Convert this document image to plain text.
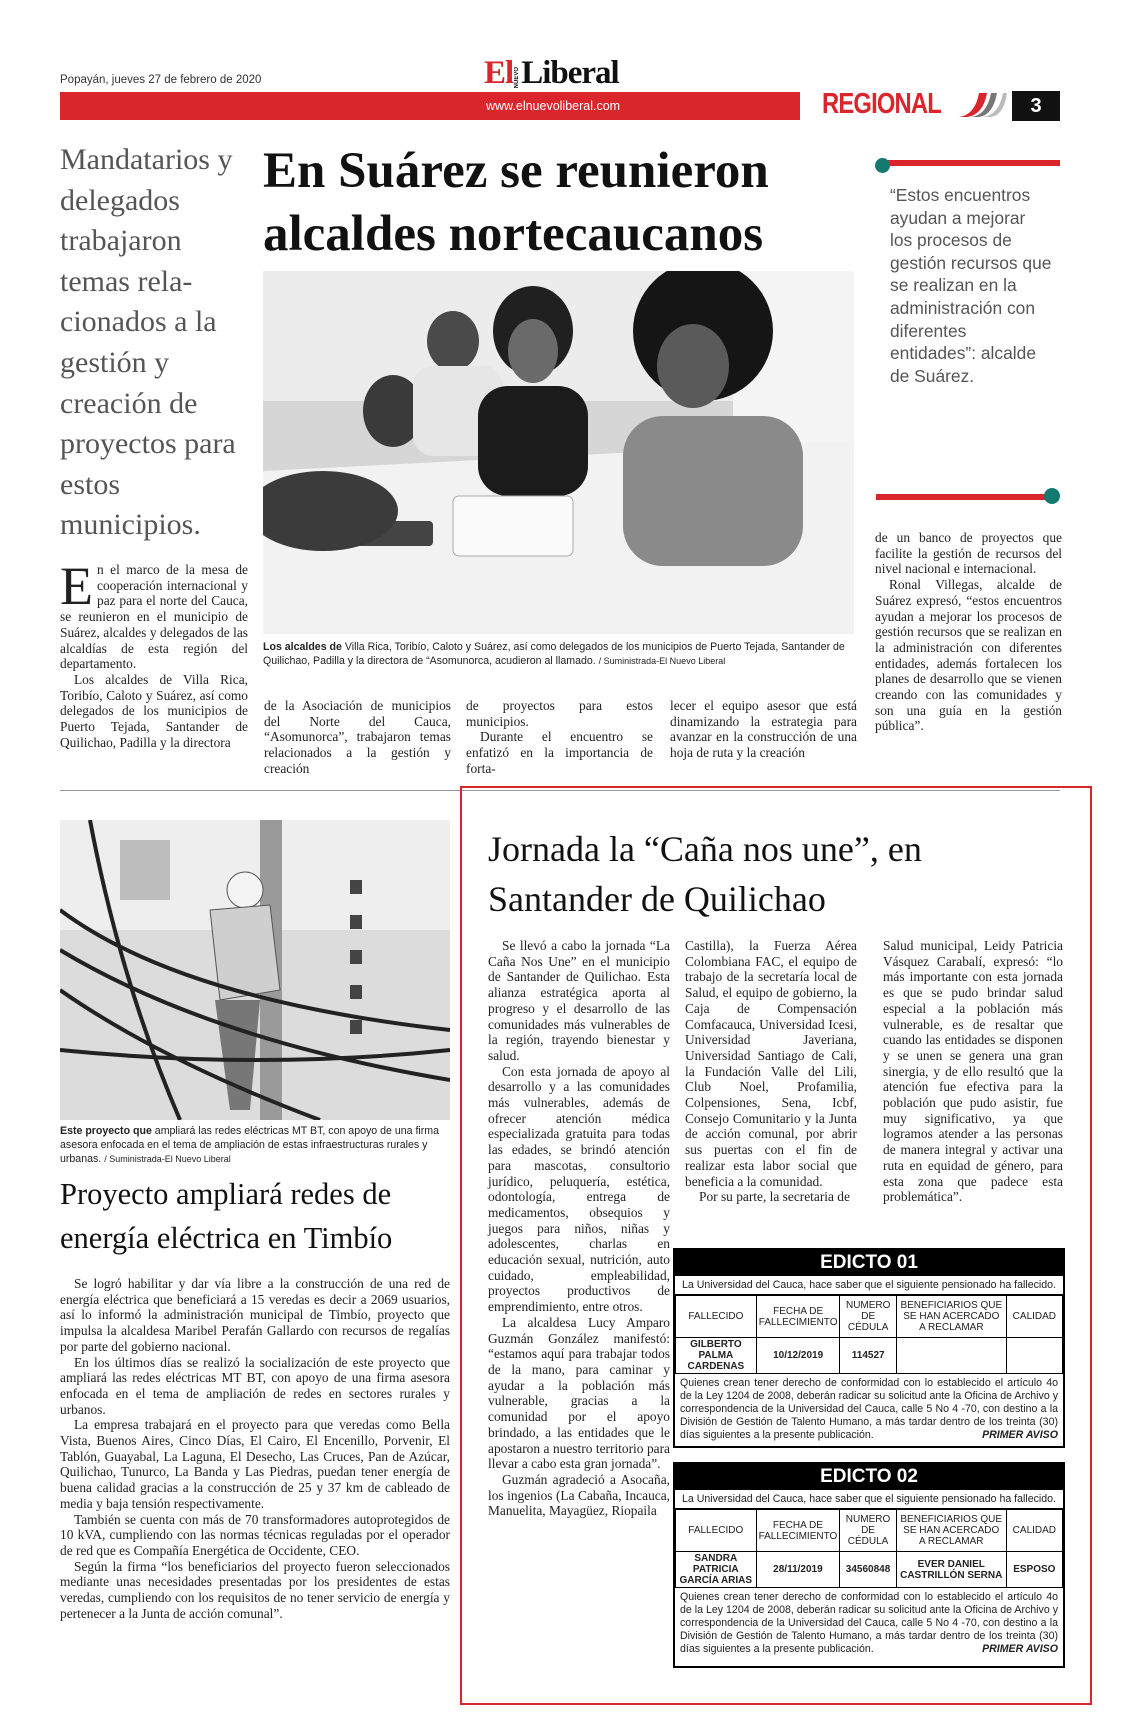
Popayán, jueves 27 de febrero de 2020	El NUEVO Liberal
www.elnuevoliberal.com	REGIONAL	3
Mandatarios y delegados trabajaron temas rela-cionados a la gestión y creación de proyectos para estos municipios.
En Suárez se reunieron alcaldes nortecaucanos
“Estos encuentros ayudan a mejorar los procesos de gestión recursos que se realizan en la administración con diferentes entidades”: alcalde de Suárez.
Los alcaldes de Villa Rica, Toribío, Caloto y Suárez, así como delegados de los municipios de Puerto Tejada, Santander de Quilichao, Padilla y la directora de “Asomunorca, acudieron al llamado. / Suministrada-El Nuevo Liberal

En el marco de la mesa de cooperación internacional y paz para el norte del Cauca, se reunieron en el municipio de Suárez, alcaldes y delegados de las alcaldías de esta región del departamento.

Los alcaldes de Villa Rica, Toribío, Caloto y Suárez, así como delegados de los municipios de Puerto Tejada, Santander de Quilichao, Padilla y la directora

de la Asociación de municipios del Norte del Cauca, “Asomunorca”, trabajaron temas relacionados a la gestión y creación

de proyectos para estos municipios.

Durante el encuentro se enfatizó en la importancia de forta-

lecer el equipo asesor que está dinamizando la estrategia para avanzar en la construcción de una hoja de ruta y la creación

de un banco de proyectos que facilite la gestión de recursos del nivel nacional e internacional.

Ronal Villegas, alcalde de Suárez expresó, “estos encuentros ayudan a mejorar los procesos de gestión recursos que se realizan en la administración con diferentes entidades, además fortalecen los planes de desarrollo que se vienen creando con las comunidades y son una guía en la gestión pública”.

Este proyecto que ampliará las redes eléctricas MT BT, con apoyo de una firma asesora enfocada en el tema de ampliación de estas infraestructuras rurales y urbanas. / Suministrada-El Nuevo Liberal
Proyecto ampliará redes de energía eléctrica en Timbío

Se logró habilitar y dar vía libre a la construcción de una red de energía eléctrica que beneficiará a 15 veredas es decir a 2069 usuarios, así lo informó la administración municipal de Timbío, proyecto que impulsa la alcaldesa Maribel Perafán Gallardo con recursos de regalías por parte del gobierno nacional.

En los últimos días se realizó la socialización de este proyecto que ampliará las redes eléctricas MT BT, con apoyo de una firma asesora enfocada en el tema de ampliación de redes en sectores rurales y urbanos.

La empresa trabajará en el proyecto para que veredas como Bella Vista, Buenos Aires, Cinco Días, El Cairo, El Encenillo, Porvenir, El Tablón, Guayabal, La Laguna, El Desecho, Las Cruces, Pan de Azúcar, Quilichao, Tunurco, La Banda y Las Piedras, puedan tener energía de buena calidad gracias a la construcción de 25 y 37 km de cableado de media y baja tensión respectivamente.

También se cuenta con más de 70 transformadores autoprotegidos de 10 kVA, cumpliendo con las normas técnicas reguladas por el operador de red que es Compañía Energética de Occidente, CEO.

Según la firma “los beneficiarios del proyecto fueron seleccionados mediante unas necesidades presentadas por los presidentes de estas veredas, cumpliendo con los requisitos de no tener servicio de energía y pertenecer a la Junta de acción comunal”.

Jornada la “Caña nos une”, en Santander de Quilichao

Se llevó a cabo la jornada “La Caña Nos Une” en el municipio de Santander de Quilichao. Esta alianza estratégica aporta al progreso y el desarrollo de las comunidades más vulnerables de la región, trayendo bienestar y salud.

Con esta jornada de apoyo al desarrollo y a las comunidades más vulnerables, además de ofrecer atención médica especializada gratuita para todas las edades, se brindó atención para mascotas, consultorio jurídico, peluquería, estética, odontología, entrega de medicamentos, obsequios y juegos para niños, niñas y adolescentes, charlas en educación sexual, nutrición, auto cuidado, empleabilidad, proyectos productivos de emprendimiento, entre otros.

La alcaldesa Lucy Amparo Guzmán González manifestó: “estamos aquí para trabajar todos de la mano, para caminar y ayudar a la población más vulnerable, gracias a la comunidad por el apoyo brindado, a las entidades que le apostaron a nuestro territorio para llevar a cabo esta gran jornada”.

Guzmán agradeció a Asocaña, los ingenios (La Cabaña, Incauca, Manuelita, Mayagüez, Riopaila

Castilla), la Fuerza Aérea Colombiana FAC, el equipo de trabajo de la secretaría local de Salud, el equipo de gobierno, la Caja de Compensación Comfacauca, Universidad Icesi, Universidad Javeriana, Universidad Santiago de Cali, la Fundación Valle del Lili, Club Noel, Profamilia, Colpensiones, Sena, Icbf, Consejo Comunitario y la Junta de acción comunal, por abrir sus puertas con el fin de realizar esta labor social que beneficia a la comunidad.

Por su parte, la secretaria de

Salud municipal, Leidy Patricia Vásquez Carabalí, expresó: “lo más importante con esta jornada es que se pudo brindar salud especial a la población más vulnerable, es de resaltar que cuando las entidades se disponen y se unen se genera una gran sinergia, y de ello resultó que la atención fue efectiva para la población que pudo asistir, fue muy significativo, ya que logramos atender a las personas de manera integral y activar una ruta en equidad de género, para esta zona que padece esta problemática”.

EDICTO 01
La Universidad del Cauca, hace saber que el siguiente pensionado ha fallecido.
FALLECIDO	FECHA DE FALLECIMIENTO	NUMERO DE CÉDULA	BENEFICIARIOS QUE SE HAN ACERCADO A RECLAMAR	CALIDAD
GILBERTO PALMA CARDENAS	10/12/2019	114527		
Quienes crean tener derecho de conformidad con lo establecido el artículo 4o de la Ley 1204 de 2008, deberán radicar su solicitud ante la Oficina de Archivo y correspondencia de la Universidad del Cauca, calle 5 No 4 -70, con destino a la División de Gestión de Talento Humano, a más tardar dentro de los treinta (30) días siguientes a la presente publicación.	PRIMER AVISO
EDICTO 02
La Universidad del Cauca, hace saber que el siguiente pensionado ha fallecido.
FALLECIDO	FECHA DE FALLECIMIENTO	NUMERO DE CÉDULA	BENEFICIARIOS QUE SE HAN ACERCADO A RECLAMAR	CALIDAD
SANDRA PATRICIA GARCÍA ARIAS	28/11/2019	34560848	EVER DANIEL CASTRILLÓN SERNA	ESPOSO
Quienes crean tener derecho de conformidad con lo establecido el artículo 4o de la Ley 1204 de 2008, deberán radicar su solicitud ante la Oficina de Archivo y correspondencia de la Universidad del Cauca, calle 5 No 4 -70, con destino a la División de Gestión de Talento Humano, a más tardar dentro de los treinta (30) días siguientes a la presente publicación.	PRIMER AVISO
